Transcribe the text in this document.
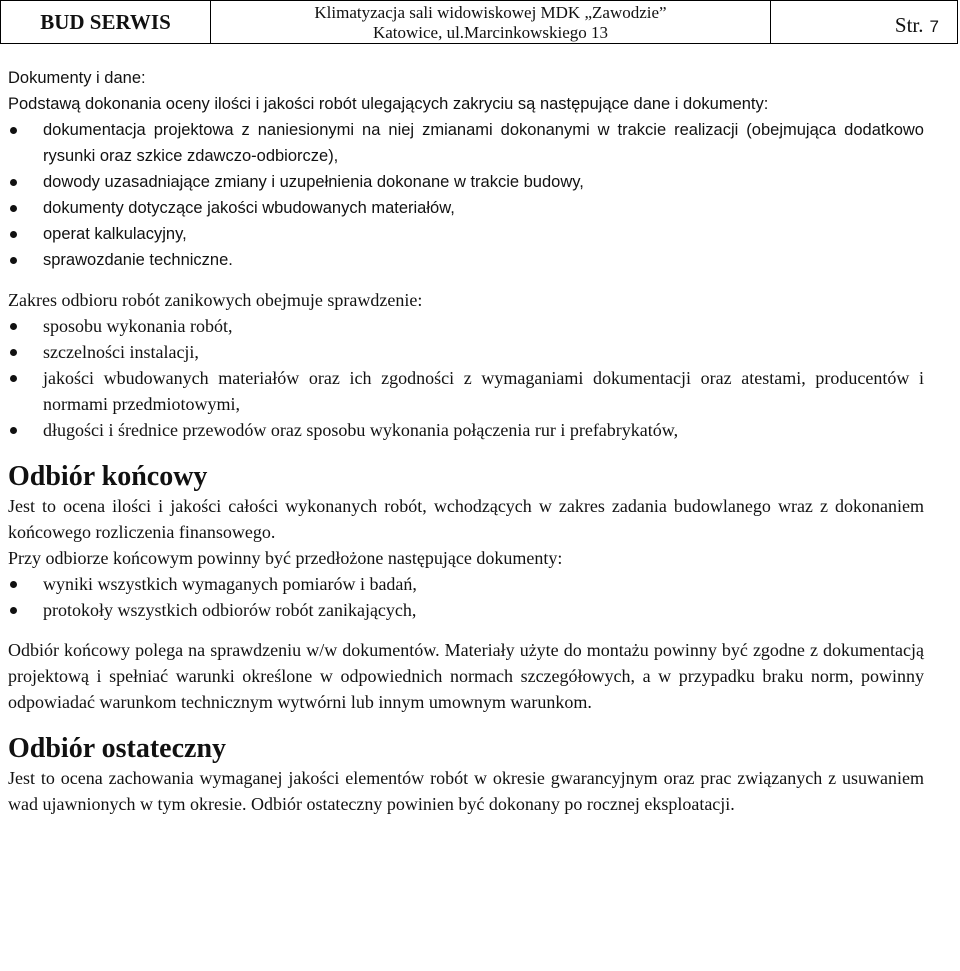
BUD SERWIS	Klimatyzacja sali widowiskowej MDK „Zawodzie”
Katowice, ul.Marcinkowskiego 13	Str. 7

Dokumenty i dane:

Podstawą dokonania oceny ilości i jakości robót ulegających zakryciu są następujące dane i dokumenty:

dokumentacja projektowa z naniesionymi na niej zmianami dokonanymi w trakcie realizacji (obejmująca dodatkowo rysunki oraz szkice zdawczo-odbiorcze),
dowody uzasadniające zmiany i uzupełnienia dokonane w trakcie budowy,
dokumenty dotyczące jakości wbudowanych materiałów,
operat kalkulacyjny,
sprawozdanie techniczne.

Zakres odbioru robót zanikowych obejmuje sprawdzenie:

sposobu wykonania robót,
szczelności instalacji,
jakości wbudowanych materiałów oraz ich zgodności z wymaganiami dokumentacji oraz atestami, producentów i normami przedmiotowymi,
długości i średnice przewodów oraz sposobu wykonania połączenia rur i prefabrykatów,

Odbiór końcowy

Jest to ocena ilości i jakości całości wykonanych robót, wchodzących w zakres zadania budowlanego wraz z dokonaniem końcowego rozliczenia finansowego.

Przy odbiorze końcowym powinny być przedłożone następujące dokumenty:

wyniki wszystkich wymaganych pomiarów i badań,
protokoły wszystkich odbiorów robót zanikających,

Odbiór końcowy polega na sprawdzeniu w/w dokumentów. Materiały użyte do montażu powinny być zgodne z dokumentacją projektową i spełniać warunki określone w odpowiednich normach szczegółowych, a w przypadku braku norm, powinny odpowiadać warunkom technicznym wytwórni lub innym umownym warunkom.

Odbiór ostateczny

Jest to ocena zachowania wymaganej jakości elementów robót w okresie gwarancyjnym oraz prac związanych z usuwaniem wad ujawnionych w tym okresie. Odbiór ostateczny powinien być dokonany po rocznej eksploatacji.
